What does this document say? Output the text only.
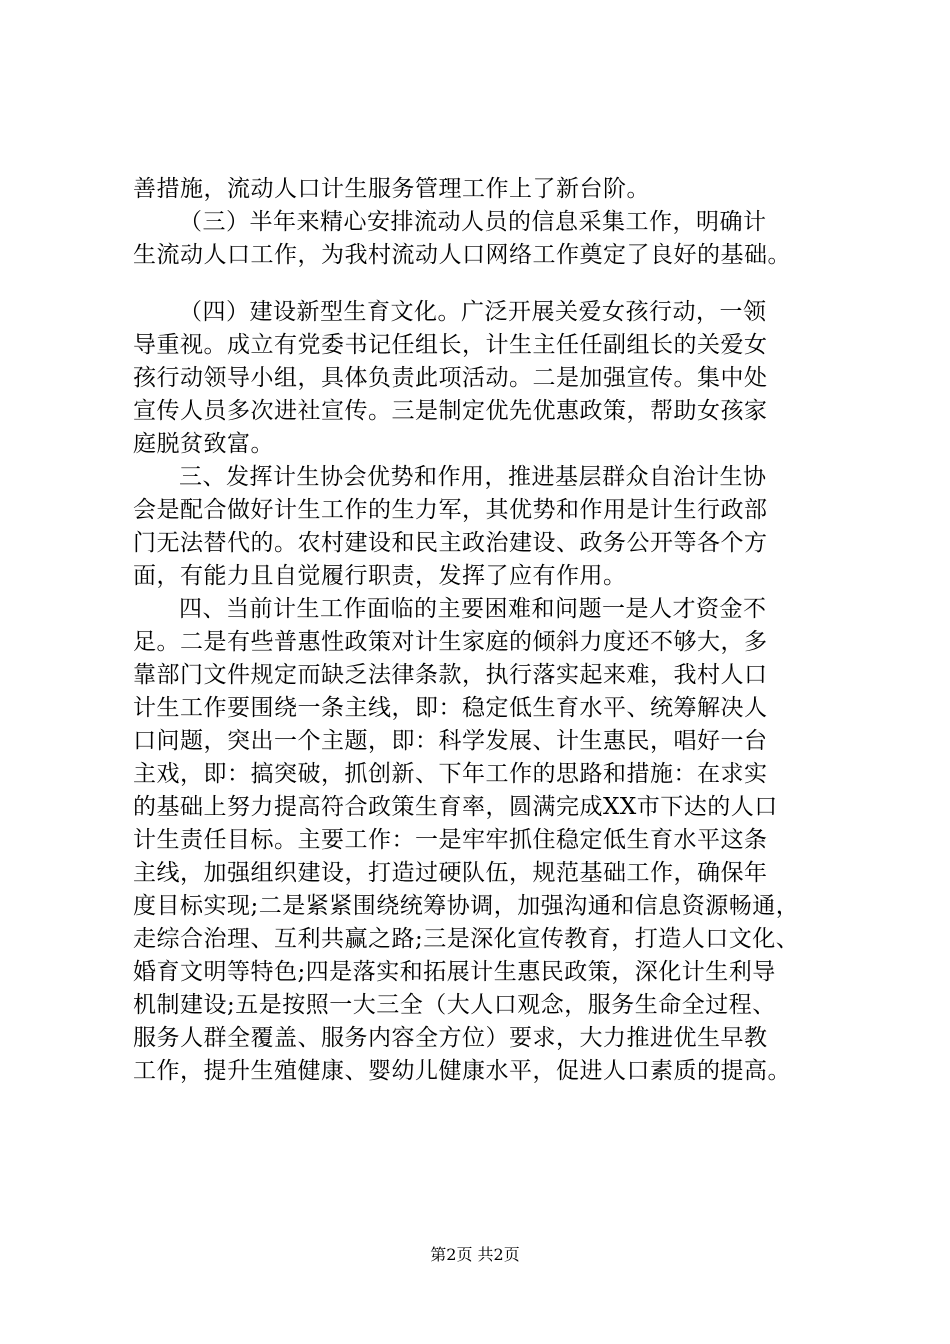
善措施，流动人口计生服务管理工作上了新台阶。
（三）半年来精心安排流动人员的信息采集工作，明确计
生流动人口工作，为我村流动人口网络工作奠定了良好的基础。
（四）建设新型生育文化。广泛开展关爱女孩行动，一领
导重视。成立有党委书记任组长，计生主任任副组长的关爱女
孩行动领导小组，具体负责此项活动。二是加强宣传。集中处
宣传人员多次进社宣传。三是制定优先优惠政策，帮助女孩家
庭脱贫致富。
三、发挥计生协会优势和作用，推进基层群众自治计生协
会是配合做好计生工作的生力军，其优势和作用是计生行政部
门无法替代的。农村建设和民主政治建设、政务公开等各个方
面，有能力且自觉履行职责，发挥了应有作用。
四、当前计生工作面临的主要困难和问题一是人才资金不
足。二是有些普惠性政策对计生家庭的倾斜力度还不够大，多
靠部门文件规定而缺乏法律条款，执行落实起来难，我村人口
计生工作要围绕一条主线，即：稳定低生育水平、统筹解决人
口问题，突出一个主题，即：科学发展、计生惠民，唱好一台
主戏，即：搞突破，抓创新、下年工作的思路和措施：在求实
的基础上努力提高符合政策生育率，圆满完成XX市下达的人口
计生责任目标。主要工作：一是牢牢抓住稳定低生育水平这条
主线，加强组织建设，打造过硬队伍，规范基础工作，确保年
度目标实现;二是紧紧围绕统筹协调，加强沟通和信息资源畅通，
走综合治理、互利共赢之路;三是深化宣传教育，打造人口文化、
婚育文明等特色;四是落实和拓展计生惠民政策，深化计生利导
机制建设;五是按照一大三全（大人口观念，服务生命全过程、
服务人群全覆盖、服务内容全方位）要求，大力推进优生早教
工作，提升生殖健康、婴幼儿健康水平，促进人口素质的提高。
第2页 共2页
